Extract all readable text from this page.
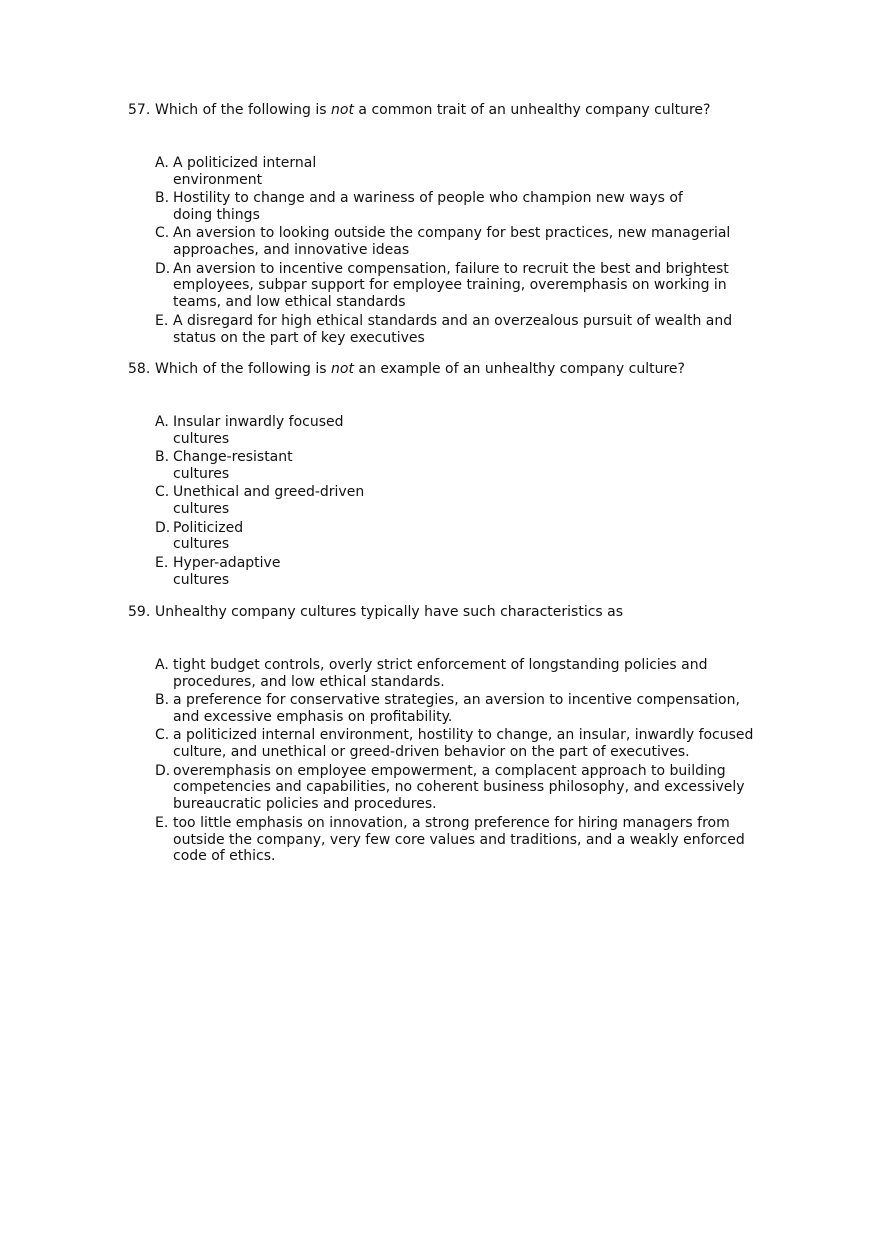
57. Which of the following is not a common trait of an unhealthy company culture?
A. A politicized internal
environment
B. Hostility to change and a wariness of people who champion new ways of
doing things
C. An aversion to looking outside the company for best practices, new managerial
approaches, and innovative ideas
D. An aversion to incentive compensation, failure to recruit the best and brightest
employees, subpar support for employee training, overemphasis on working in
teams, and low ethical standards
E. A disregard for high ethical standards and an overzealous pursuit of wealth and
status on the part of key executives
58. Which of the following is not an example of an unhealthy company culture?
A. Insular inwardly focused
cultures
B. Change-resistant
cultures
C. Unethical and greed-driven
cultures
D. Politicized
cultures
E. Hyper-adaptive
cultures
59. Unhealthy company cultures typically have such characteristics as
A. tight budget controls, overly strict enforcement of longstanding policies and
procedures, and low ethical standards.
B. a preference for conservative strategies, an aversion to incentive compensation,
and excessive emphasis on profitability.
C. a politicized internal environment, hostility to change, an insular, inwardly focused
culture, and unethical or greed-driven behavior on the part of executives.
D. overemphasis on employee empowerment, a complacent approach to building
competencies and capabilities, no coherent business philosophy, and excessively
bureaucratic policies and procedures.
E. too little emphasis on innovation, a strong preference for hiring managers from
outside the company, very few core values and traditions, and a weakly enforced
code of ethics.
